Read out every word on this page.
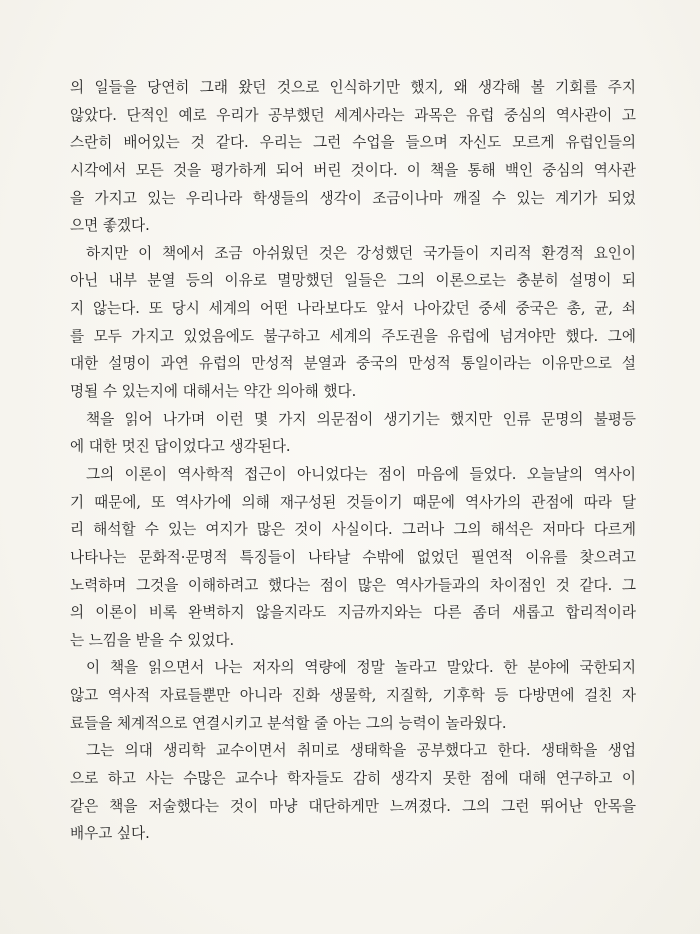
의 일들을 당연히 그래 왔던 것으로 인식하기만 했지, 왜 생각해 볼 기회를 주지
않았다. 단적인 예로 우리가 공부했던 세계사라는 과목은 유럽 중심의 역사관이 고
스란히 배어있는 것 같다. 우리는 그런 수업을 들으며 자신도 모르게 유럽인들의
시각에서 모든 것을 평가하게 되어 버린 것이다. 이 책을 통해 백인 중심의 역사관
을 가지고 있는 우리나라 학생들의 생각이 조금이나마 깨질 수 있는 계기가 되었
으면 좋겠다.
하지만 이 책에서 조금 아쉬웠던 것은 강성했던 국가들이 지리적 환경적 요인이
아닌 내부 분열 등의 이유로 멸망했던 일들은 그의 이론으로는 충분히 설명이 되
지 않는다. 또 당시 세계의 어떤 나라보다도 앞서 나아갔던 중세 중국은 총, 균, 쇠
를 모두 가지고 있었음에도 불구하고 세계의 주도권을 유럽에 넘겨야만 했다. 그에
대한 설명이 과연 유럽의 만성적 분열과 중국의 만성적 통일이라는 이유만으로 설
명될 수 있는지에 대해서는 약간 의아해 했다.
책을 읽어 나가며 이런 몇 가지 의문점이 생기기는 했지만 인류 문명의 불평등
에 대한 멋진 답이었다고 생각된다.
그의 이론이 역사학적 접근이 아니었다는 점이 마음에 들었다. 오늘날의 역사이
기 때문에, 또 역사가에 의해 재구성된 것들이기 때문에 역사가의 관점에 따라 달
리 해석할 수 있는 여지가 많은 것이 사실이다. 그러나 그의 해석은 저마다 다르게
나타나는 문화적·문명적 특징들이 나타날 수밖에 없었던 필연적 이유를 찾으려고
노력하며 그것을 이해하려고 했다는 점이 많은 역사가들과의 차이점인 것 같다. 그
의 이론이 비록 완벽하지 않을지라도 지금까지와는 다른 좀더 새롭고 합리적이라
는 느낌을 받을 수 있었다.
이 책을 읽으면서 나는 저자의 역량에 정말 놀라고 말았다. 한 분야에 국한되지
않고 역사적 자료들뿐만 아니라 진화 생물학, 지질학, 기후학 등 다방면에 걸친 자
료들을 체계적으로 연결시키고 분석할 줄 아는 그의 능력이 놀라웠다.
그는 의대 생리학 교수이면서 취미로 생태학을 공부했다고 한다. 생태학을 생업
으로 하고 사는 수많은 교수나 학자들도 감히 생각지 못한 점에 대해 연구하고 이
같은 책을 저술했다는 것이 마냥 대단하게만 느껴졌다. 그의 그런 뛰어난 안목을
배우고 싶다.
